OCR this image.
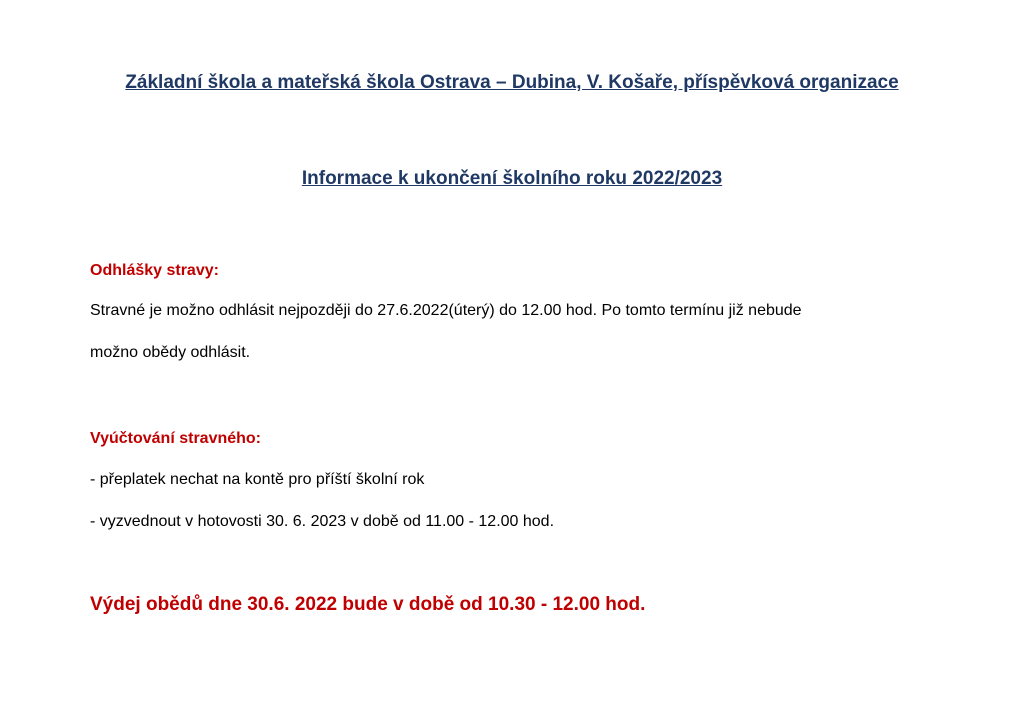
Základní škola a mateřská škola Ostrava – Dubina, V. Košaře, příspěvková organizace
Informace k ukončení školního roku 2022/2023
Odhlášky stravy:
Stravné je možno odhlásit nejpozději do 27.6.2022(úterý) do 12.00 hod. Po tomto termínu již nebude
možno obědy odhlásit.
Vyúčtování stravného:
- přeplatek nechat na kontě pro příští školní rok
- vyzvednout v hotovosti 30. 6. 2023 v době od 11.00 - 12.00 hod.
Výdej obědů dne 30.6. 2022 bude v době od 10.30 - 12.00 hod.
